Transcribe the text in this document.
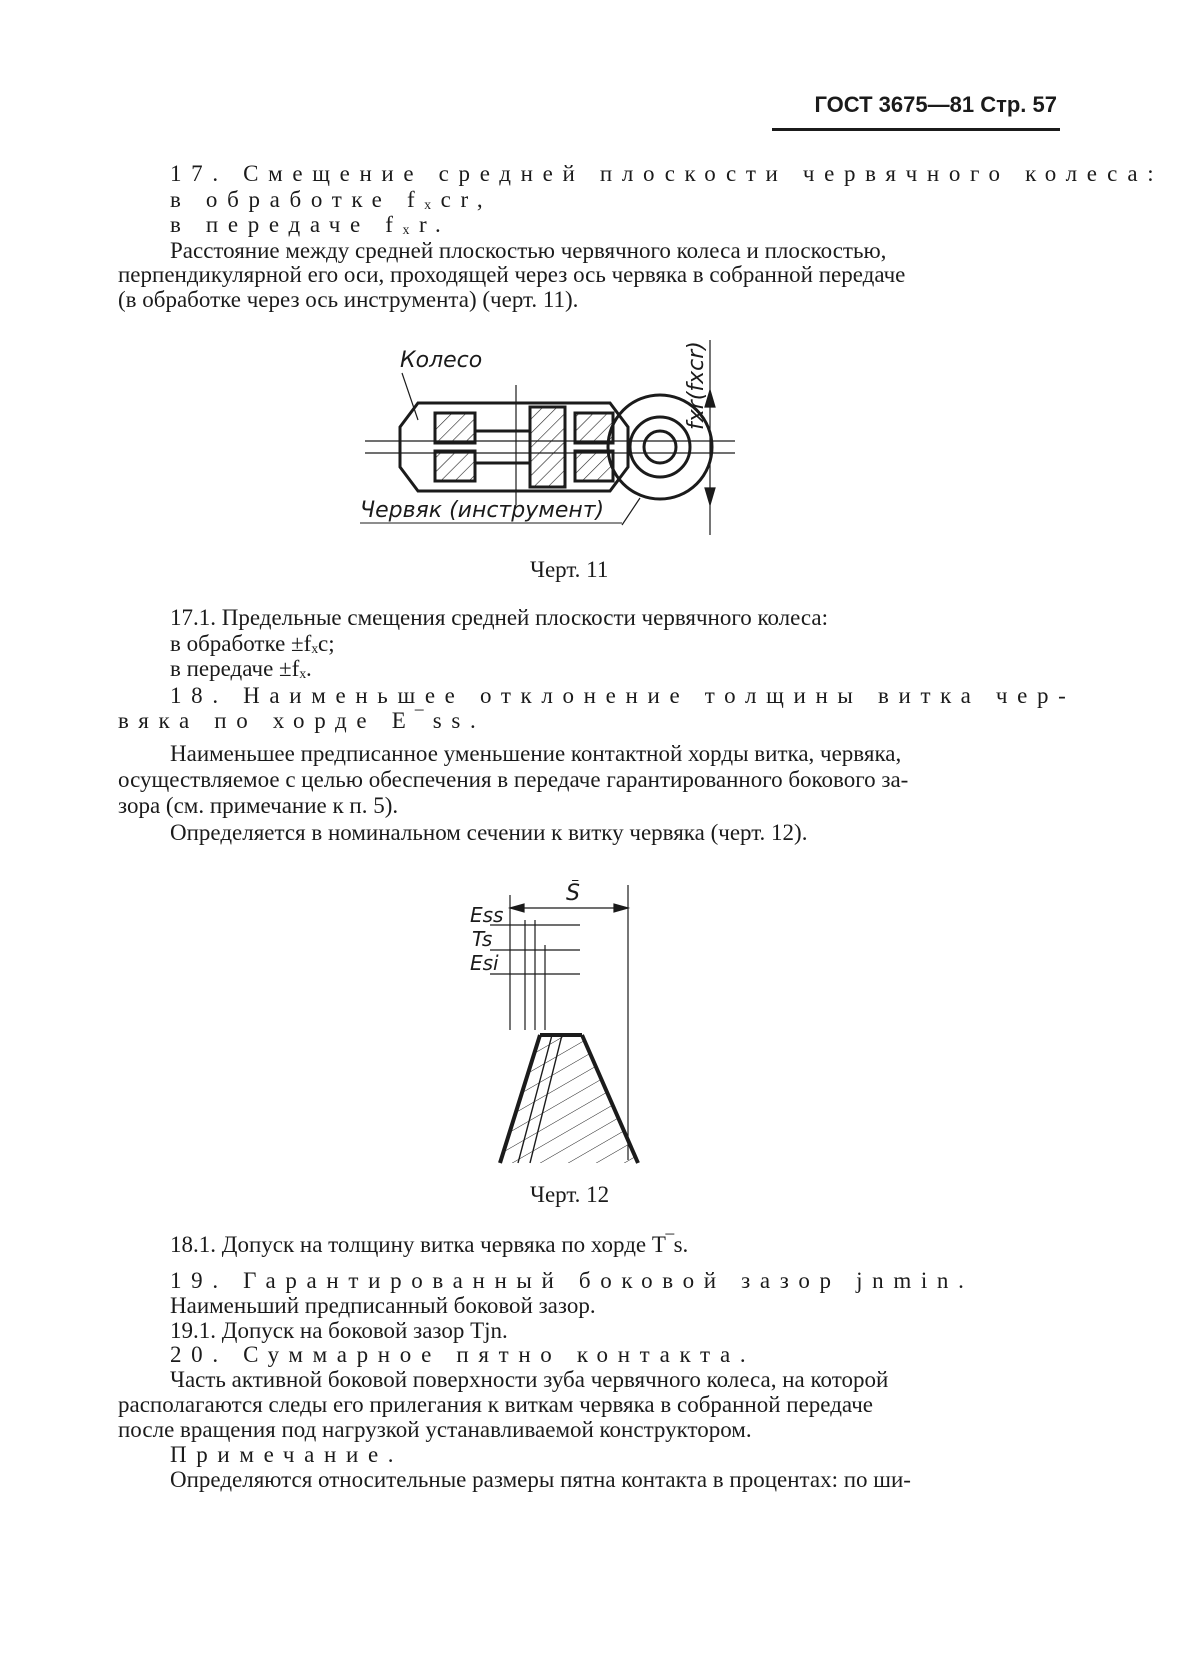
ГОСТ 3675—81 Стр. 57
17. Смещение средней плоскости червячного колеса:
в обработке fₓcr,
в передаче fₓr.
Расстояние между средней плоскостью червячного колеса и плоскостью,
перпендикулярной его оси, проходящей через ось червяка в собранной передаче
(в обработке через ось инструмента) (черт. 11).
Колесо
Червяк (инструмент)
fxr(fxcr)
Черт. 11
17.1. Предельные смещения средней плоскости червячного колеса:
в обработке ±fₓc;
в передаче ±fₓ.
18. Наименьшее отклонение толщины витка чер-
вяка по хорде E‾ss.
Наименьшее предписанное уменьшение контактной хорды витка, червяка,
осуществляемое с целью обеспечения в передаче гарантированного бокового за-
зора (см. примечание к п. 5).
Определяется в номинальном сечении к витку червяка (черт. 12).
S̄
Ess
Ts
Esi
Черт. 12
18.1. Допуск на толщину витка червяка по хорде T‾s.
19. Гарантированный боковой зазор jnmin.
Наименьший предписанный боковой зазор.
19.1. Допуск на боковой зазор Tjn.
20. Суммарное пятно контакта.
Часть активной боковой поверхности зуба червячного колеса, на которой
располагаются следы его прилегания к виткам червяка в собранной передаче
после вращения под нагрузкой устанавливаемой конструктором.
Примечание.
Определяются относительные размеры пятна контакта в процентах: по ши-
